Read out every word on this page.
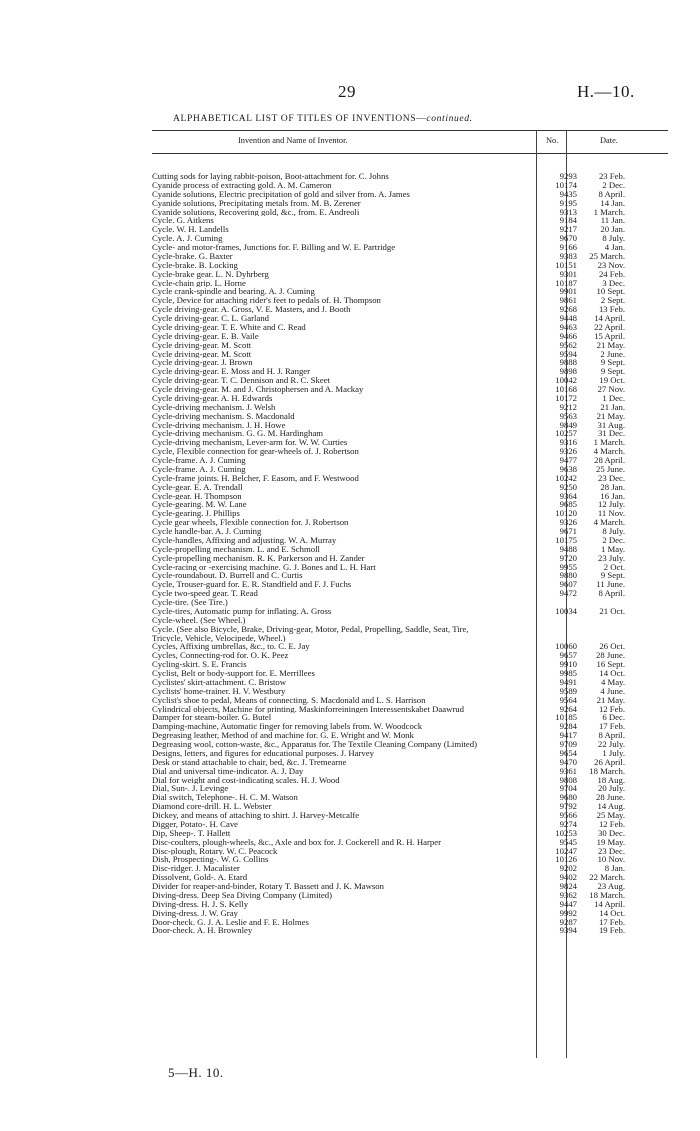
29	H.—10.
ALPHABETICAL LIST OF TITLES OF INVENTIONS—continued.
Invention and Name of Inventor.	No.	Date.
Cutting sods for laying rabbit-poison, Boot-attachment for. C. Johns	9293	23 Feb.
Cyanide process of extracting gold. A. M. Cameron	10174	2 Dec.
Cyanide solutions, Electric precipitation of gold and silver from. A. James	9435	8 April.
Cyanide solutions, Precipitating metals from. M. B. Zerener	9195	14 Jan.
Cyanide solutions, Recovering gold, &c., from. E. Andreoli	9313	1 March.
Cycle. G. Aitkens	9184	11 Jan.
Cycle. W. H. Landells	9217	20 Jan.
Cycle. A. J. Cuming	9670	8 July.
Cycle- and motor-frames, Junctions for. F. Billing and W. E. Partridge	9166	4 Jan.
Cycle-brake. G. Baxter	9383	25 March.
Cycle-brake. B. Locking	10151	23 Nov.
Cycle-brake gear. L. N. Dyhrberg	9301	24 Feb.
Cycle-chain grip. L. Horne	10187	3 Dec.
Cycle crank-spindle and bearing. A. J. Cuming	9901	10 Sept.
Cycle, Device for attaching rider's feet to pedals of. H. Thompson	9861	2 Sept.
Cycle driving-gear. A. Gross, V. E. Masters, and J. Booth	9268	13 Feb.
Cycle driving-gear. C. L. Garland	9448	14 April.
Cycle driving-gear. T. E. White and C. Read	9463	22 April.
Cycle driving-gear. E. B. Vaile	9466	15 April.
Cycle driving-gear. M. Scott	9562	21 May.
Cycle driving-gear. M. Scott	9594	2 June.
Cycle driving-gear. J. Brown	9888	9 Sept.
Cycle driving-gear. E. Moss and H. J. Ranger	9898	9 Sept.
Cycle driving-gear. T. C. Dennison and R. C. Skeet	10042	19 Oct.
Cycle driving-gear. M. and J. Christophersen and A. Mackay	10168	27 Nov.
Cycle driving-gear. A. H. Edwards	10172	1 Dec.
Cycle-driving mechanism. J. Welsh	9212	21 Jan.
Cycle-driving mechanism. S. Macdonald	9563	21 May.
Cycle-driving mechanism. J. H. Howe	9849	31 Aug.
Cycle-driving mechanism. G. G. M. Hardingham	10257	31 Dec.
Cycle-driving mechanism, Lever-arm for. W. W. Curties	9316	1 March.
Cycle, Flexible connection for gear-wheels of. J. Robertson	9326	4 March.
Cycle-frame. A. J. Cuming	9477	28 April.
Cycle-frame. A. J. Cuming	9638	25 June.
Cycle-frame joints. H. Belcher, F. Easom, and F. Westwood	10242	23 Dec.
Cycle-gear. E. A. Trendall	9250	28 Jan.
Cycle-gear. H. Thompson	9364	16 Jan.
Cycle-gearing. M. W. Lane	9685	12 July.
Cycle-gearing. J. Phillips	10120	11 Nov.
Cycle gear wheels, Flexible connection for. J. Robertson	9326	4 March.
Cycle handle-bar. A. J. Cuming	9671	8 July.
Cycle-handles, Affixing and adjusting. W. A. Murray	10175	2 Dec.
Cycle-propelling mechanism. L. and E. Schmoll	9488	1 May.
Cycle-propelling mechanism. R. K. Parkerson and H. Zander	9720	23 July.
Cycle-racing or -exercising machine. G. J. Bones and L. H. Hart	9955	2 Oct.
Cycle-roundabout. D. Burrell and C. Curtis	9880	9 Sept.
Cycle, Trouser-guard for. E. R. Standfield and F. J. Fuchs	9607	11 June.
Cycle two-speed gear. T. Read	9472	8 April.
Cycle-tire. (See Tire.)
Cycle-tires, Automatic pump for inflating. A. Gross	10034	21 Oct.
Cycle-wheel. (See Wheel.)
Cycle. (See also Bicycle, Brake, Driving-gear, Motor, Pedal, Propelling, Saddle, Seat, Tire,
Tricycle, Vehicle, Velocipede, Wheel.)
Cycles, Affixing umbrellas, &c., to. C. E. Jay	10060	26 Oct.
Cycles, Connecting-rod for. O. K. Peez	9657	28 June.
Cycling-skirt. S. E. Francis	9910	16 Sept.
Cyclist, Belt or body-support for. E. Merrillees	9985	14 Oct.
Cyclistes' skirt-attachment. C. Bristow	9491	4 May.
Cyclists' home-trainer. H. V. Westbury	9589	4 June.
Cyclist's shoe to pedal, Means of connecting. S. Macdonald and L. S. Harrison	9564	21 May.
Cylindrical objects, Machine for printing. Maskinforreiningen Interessentskabet Daawrud	9264	12 Feb.
Damper for steam-boiler. G. Butel	10185	6 Dec.
Damping-machine, Automatic finger for removing labels from. W. Woodcock	9284	17 Feb.
Degreasing leather, Method of and machine for. G. E. Wright and W. Monk	9417	8 April.
Degreasing wool, cotton-waste, &c., Apparatus for. The Textile Cleaning Company (Limited)	9709	22 July.
Designs, letters, and figures for educational purposes. J. Harvey	9654	1 July.
Desk or stand attachable to chair, bed, &c. J. Tremearne	9470	26 April.
Dial and universal time-indicator. A. J. Day	9361	18 March.
Dial for weight and cost-indicating scales. H. J. Wood	9808	18 Aug.
Dial, Sun-. J. Levinge	9704	20 July.
Dial switch, Telephone-. H. C. M. Watson	9680	28 June.
Diamond core-drill. H. L. Webster	9792	14 Aug.
Dickey, and means of attaching to shirt. J. Harvey-Metcalfe	9566	25 May.
Digger, Potato-. H. Cave	9274	12 Feb.
Dip, Sheep-. T. Hallett	10253	30 Dec.
Disc-coulters, plough-wheels, &c., Axle and box for. J. Cockerell and R. H. Harper	9545	19 May.
Disc-plough, Rotary. W. C. Peacock	10247	23 Dec.
Dish, Prospecting-. W. G. Collins	10126	10 Nov.
Disc-ridger. J. Macalister	9202	8 Jan.
Dissolvent, Gold-. A. Etard	9402	22 March.
Divider for reaper-and-binder, Rotary T. Bassett and J. K. Mawson	9824	23 Aug.
Diving-dress. Deep Sea Diving Company (Limited)	9362	18 March.
Diving-dress. H. J. S. Kelly	9447	14 April.
Diving-dress. J. W. Gray	9992	14 Oct.
Door-check. G. J. A. Leslie and F. E. Holmes	9287	17 Feb.
Door-check. A. H. Brownley	9394	19 Feb.
5—H. 10.
